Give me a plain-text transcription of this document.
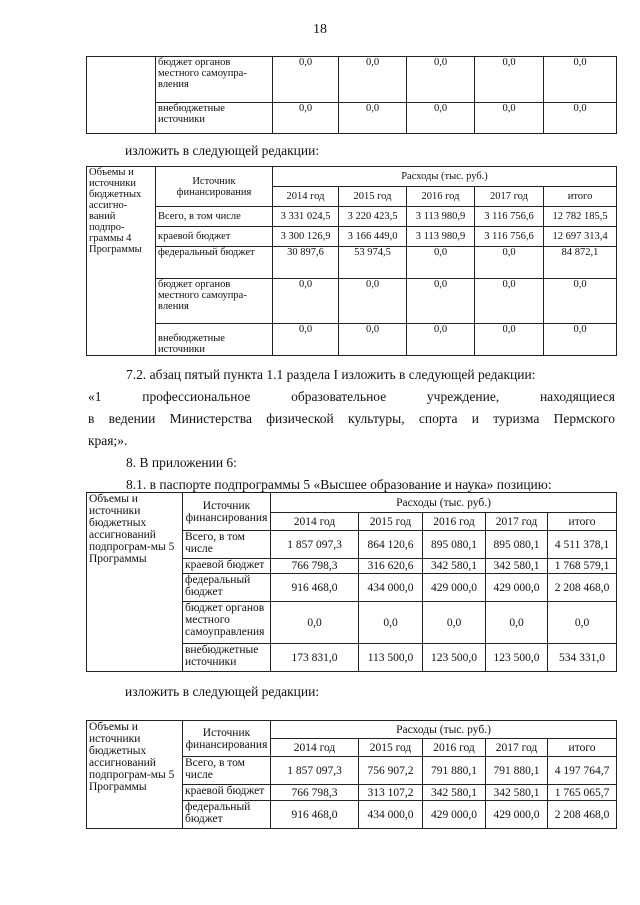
18
	бюджет органов местного самоупра-вления	0,0	0,0	0,0	0,0	0,0
	внебюджетные источники	0,0	0,0	0,0	0,0	0,0
изложить в следующей редакции:
Объемы и источники бюджетных ассигно-ваний подпро-граммы 4 Программы	Источник финансирования	Расходы (тыс. руб.)				
		2014 год	2015 год	2016 год	2017 год	итого
	Всего, в том числе	3 331 024,5	3 220 423,5	3 113 980,9	3 116 756,6	12 782 185,5
	краевой бюджет	3 300 126,9	3 166 449,0	3 113 980,9	3 116 756,6	12 697 313,4
	федеральный бюджет	30 897,6	53 974,5	0,0	0,0	84 872,1
	бюджет органов местного самоупра-вления	0,0	0,0	0,0	0,0	0,0
	внебюджетные источники	0,0	0,0	0,0	0,0	0,0
7.2. абзац пятый пункта 1.1 раздела I изложить в следующей редакции:
«1 профессиональное образовательное учреждение, находящиеся
в ведении Министерства физической культуры, спорта и туризма Пермского
края;».
8. В приложении 6:
8.1. в паспорте подпрограммы 5 «Высшее образование и наука» позицию:
Объемы и источники бюджетных ассигнований подпрограм-мы 5 Программы	Источник финансирования	Расходы (тыс. руб.)				
		2014 год	2015 год	2016 год	2017 год	итого
	Всего, в том числе	1 857 097,3	864 120,6	895 080,1	895 080,1	4 511 378,1
	краевой бюджет	766 798,3	316 620,6	342 580,1	342 580,1	1 768 579,1
	федеральный бюджет	916 468,0	434 000,0	429 000,0	429 000,0	2 208 468,0
	бюджет органов местного самоуправления	0,0	0,0	0,0	0,0	0,0
	внебюджетные источники	173 831,0	113 500,0	123 500,0	123 500,0	534 331,0
изложить в следующей редакции:
Объемы и источники бюджетных ассигнований подпрограм-мы 5 Программы	Источник финансирования	Расходы (тыс. руб.)				
		2014 год	2015 год	2016 год	2017 год	итого
	Всего, в том числе	1 857 097,3	756 907,2	791 880,1	791 880,1	4 197 764,7
	краевой бюджет	766 798,3	313 107,2	342 580,1	342 580,1	1 765 065,7
	федеральный бюджет	916 468,0	434 000,0	429 000,0	429 000,0	2 208 468,0
